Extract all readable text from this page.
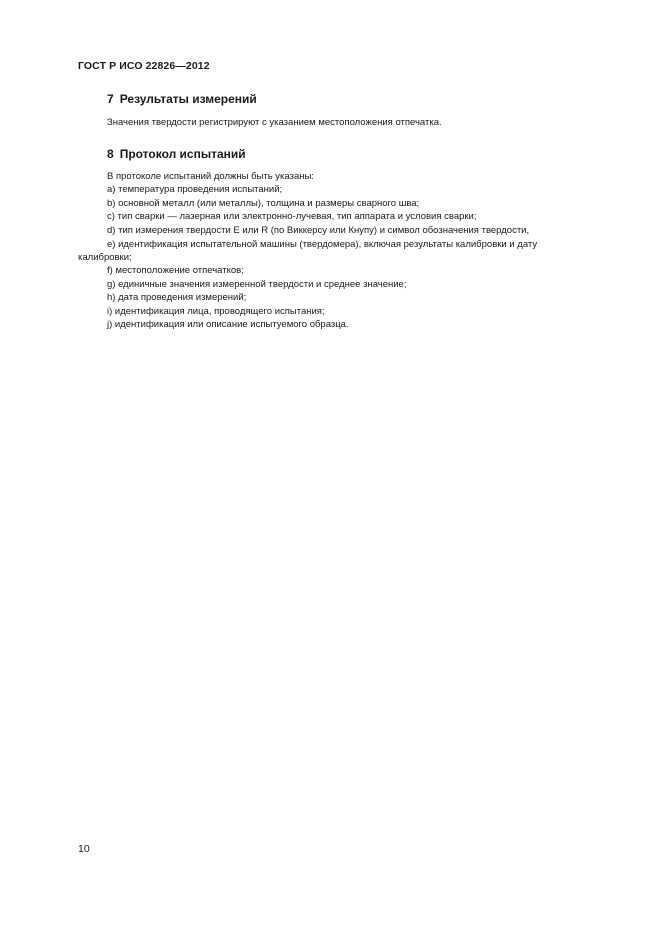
ГОСТ Р ИСО 22826—2012
7 Результаты измерений
Значения твердости регистрируют с указанием местоположения отпечатка.
8 Протокол испытаний
В протоколе испытаний должны быть указаны:
a) температура проведения испытаний;
b) основной металл (или металлы), толщина и размеры сварного шва;
c) тип сварки — лазерная или электронно-лучевая, тип аппарата и условия сварки;
d) тип измерения твердости E или R (по Виккерсу или Кнупу) и символ обозначения твердости,
e) идентификация испытательной машины (твердомера), включая результаты калибровки и дату
калибровки;
f) местоположение отпечатков;
g) единичные значения измеренной твердости и среднее значение;
h) дата проведения измерений;
i) идентификация лица, проводящего испытания;
j) идентификация или описание испытуемого образца.
10
